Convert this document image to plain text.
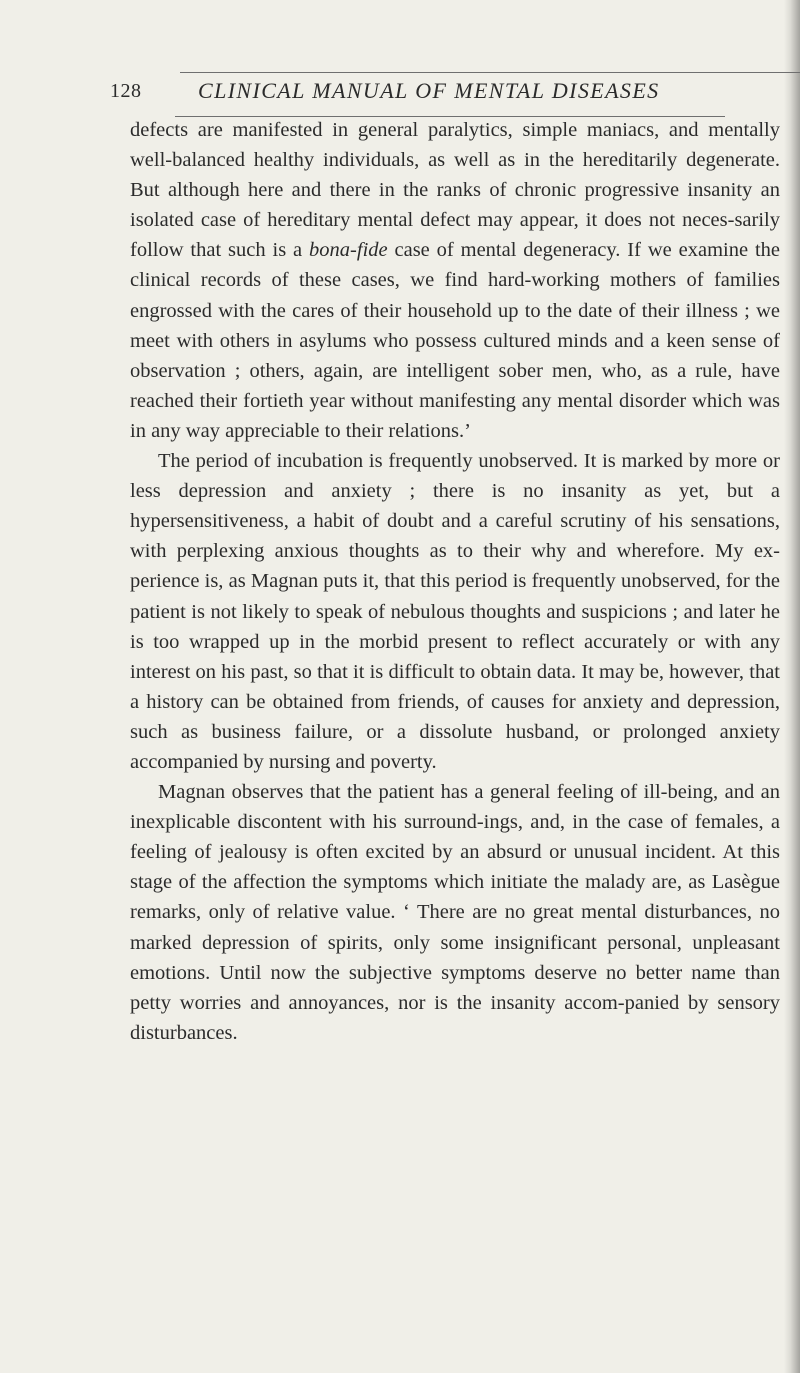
128	CLINICAL MANUAL OF MENTAL DISEASES

defects are manifested in general paralytics, simple maniacs, and mentally well-balanced healthy individuals, as well as in the hereditarily degenerate. But although here and there in the ranks of chronic progressive insanity an isolated case of hereditary mental defect may appear, it does not neces-sarily follow that such is a bona-fide case of mental degeneracy. If we examine the clinical records of these cases, we find hard-working mothers of families engrossed with the cares of their household up to the date of their illness ; we meet with others in asylums who possess cultured minds and a keen sense of observation ; others, again, are intelligent sober men, who, as a rule, have reached their fortieth year without manifesting any mental disorder which was in any way appreciable to their relations.’

The period of incubation is frequently unobserved. It is marked by more or less depression and anxiety ; there is no insanity as yet, but a hypersensitiveness, a habit of doubt and a careful scrutiny of his sensations, with perplexing anxious thoughts as to their why and wherefore. My ex-perience is, as Magnan puts it, that this period is frequently unobserved, for the patient is not likely to speak of nebulous thoughts and suspicions ; and later he is too wrapped up in the morbid present to reflect accurately or with any interest on his past, so that it is difficult to obtain data. It may be, however, that a history can be obtained from friends, of causes for anxiety and depression, such as business failure, or a dissolute husband, or prolonged anxiety accompanied by nursing and poverty.

Magnan observes that the patient has a general feeling of ill-being, and an inexplicable discontent with his surround-ings, and, in the case of females, a feeling of jealousy is often excited by an absurd or unusual incident. At this stage of the affection the symptoms which initiate the malady are, as Lasègue remarks, only of relative value. ‘ There are no great mental disturbances, no marked depression of spirits, only some insignificant personal, unpleasant emotions. Until now the subjective symptoms deserve no better name than petty worries and annoyances, nor is the insanity accom-panied by sensory disturbances.
